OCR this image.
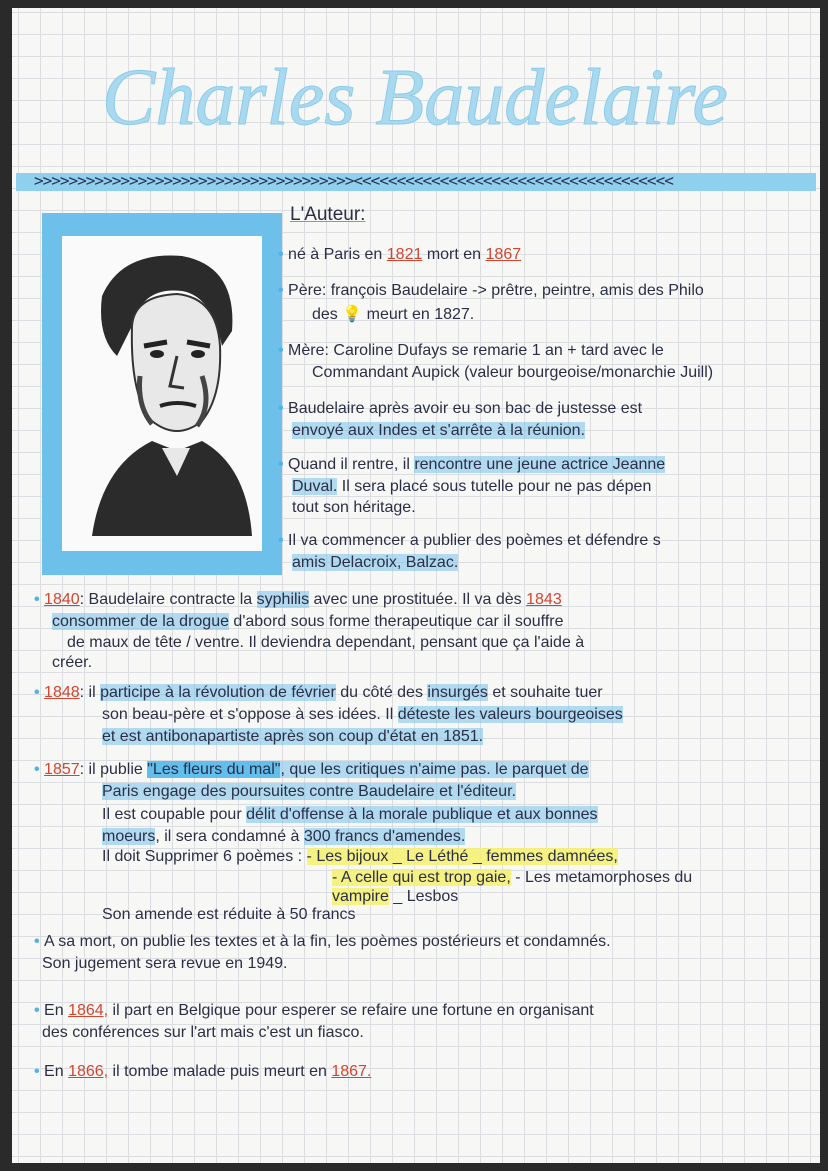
Charles Baudelaire
>>>>>>>>>>>>>>>>>>>>>>>>>>>>>>>>>>>>><<<<<<<<<<<<<<<<<<<<<<<<<<<<<<<<<<<<<
L'Auteur:
• né à Paris en 1821 mort en 1867
• Père: françois Baudelaire -> prêtre, peintre, amis des Philo
des 💡 meurt en 1827.
• Mère: Caroline Dufays se remarie 1 an + tard avec le
Commandant Aupick (valeur bourgeoise/monarchie Juill)
• Baudelaire après avoir eu son bac de justesse est
envoyé aux Indes et s'arrête à la réunion.
• Quand il rentre, il rencontre une jeune actrice Jeanne
Duval. Il sera placé sous tutelle pour ne pas dépen
tout son héritage.
• Il va commencer a publier des poèmes et défendre s
amis Delacroix, Balzac.
• 1840: Baudelaire contracte la syphilis avec une prostituée. Il va dès 1843
consommer de la drogue d'abord sous forme therapeutique car il souffre
de maux de tête / ventre. Il deviendra dependant, pensant que ça l'aide à
créer.
• 1848: il participe à la révolution de février du côté des insurgés et souhaite tuer
son beau-père et s'oppose à ses idées. Il déteste les valeurs bourgeoises
et est antibonapartiste après son coup d'état en 1851.
• 1857: il publie "Les fleurs du mal", que les critiques n'aime pas. le parquet de
Paris engage des poursuites contre Baudelaire et l'éditeur.
Il est coupable pour délit d'offense à la morale publique et aux bonnes
moeurs, il sera condamné à 300 francs d'amendes.
Il doit Supprimer 6 poèmes : - Les bijoux _ Le Léthé _ femmes damnées,
- A celle qui est trop gaie, - Les metamorphoses du
vampire _ Lesbos
Son amende est réduite à 50 francs
• A sa mort, on publie les textes et à la fin, les poèmes postérieurs et condamnés.
Son jugement sera revue en 1949.
• En 1864, il part en Belgique pour esperer se refaire une fortune en organisant
des conférences sur l'art mais c'est un fiasco.
• En 1866, il tombe malade puis meurt en 1867.
